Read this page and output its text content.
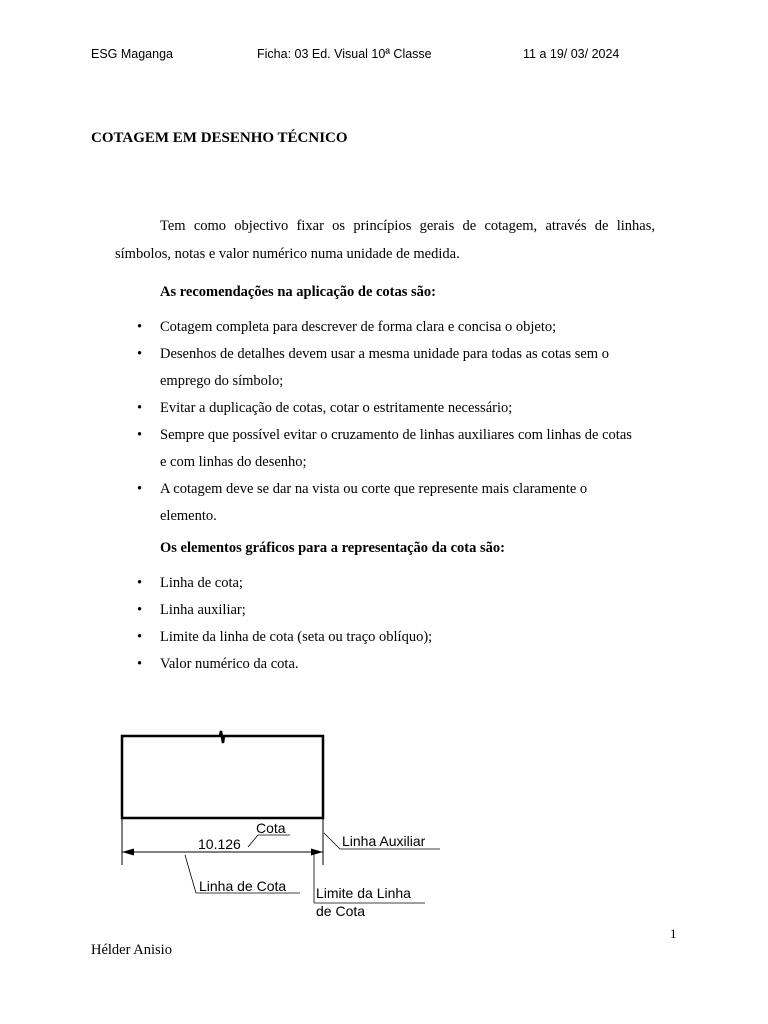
ESG Maganga	Ficha: 03 Ed. Visual 10ª Classe	11 a 19/ 03/ 2024
COTAGEM EM DESENHO TÉCNICO
Tem como objectivo fixar os princípios gerais de cotagem, através de linhas, símbolos, notas e valor numérico numa unidade de medida.
As recomendações na aplicação de cotas são:
• Cotagem completa para descrever de forma clara e concisa o objeto;
• Desenhos de detalhes devem usar a mesma unidade para todas as cotas sem o emprego do símbolo;
• Evitar a duplicação de cotas, cotar o estritamente necessário;
• Sempre que possível evitar o cruzamento de linhas auxiliares com linhas de cotas e com linhas do desenho;
• A cotagem deve se dar na vista ou corte que represente mais claramente o elemento.
Os elementos gráficos para a representação da cota são:
• Linha de cota;
• Linha auxiliar;
• Limite da linha de cota (seta ou traço oblíquo);
• Valor numérico da cota.
10.126
Cota
Linha Auxiliar
Linha de Cota Limite da Linha
de Cota
1
Hélder Anisio
